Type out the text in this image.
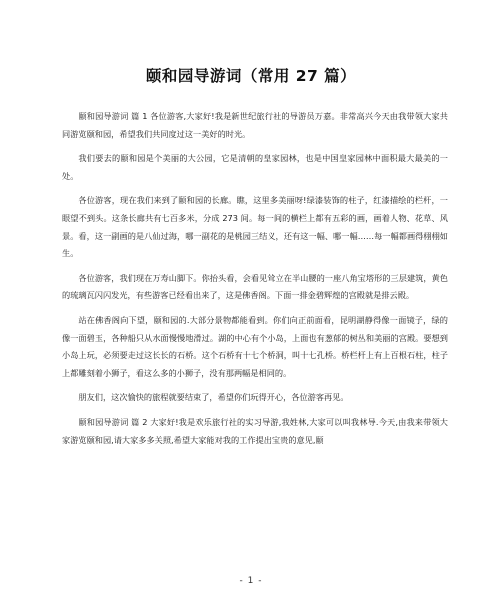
颐和园导游词（常用 27 篇）

颐和园导游词 篇 1 各位游客,大家好!我是新世纪旅行社的导游员万嘉。非常高兴今天由我带领大家共同游览颐和园，希望我们共同度过这一美好的时光。

我们要去的颐和园是个美丽的大公园，它是清朝的皇家园林，也是中国皇家园林中面积最大最美的一处。

各位游客，现在我们来到了颐和园的长廊。瞧，这里多美丽呀!绿漆装饰的柱子，红漆描绘的栏杆，一眼望不到头。这条长廊共有七百多米，分成 273 间。每一间的横栏上都有五彩的画，画着人物、花草、风景。看，这一副画的是八仙过海，哪一副花的是桃园三结义，还有这一幅、哪一幅……每一幅都画得栩栩如生。

各位游客，我们现在万寿山脚下。你抬头看，会看见耸立在半山腰的一座八角宝塔形的三层建筑，黄色的琉璃瓦闪闪发光，有些游客已经看出来了，这是佛香阁。下面一排金碧辉煌的宫殿就是排云殿。

站在佛香阁向下望，颐和园的.大部分景物都能看到。你们向正前面看，昆明湖静得像一面镜子，绿的像一面碧玉，各种船只从水面慢慢地滑过。湖的中心有个小岛，上面也有葱郁的树丛和美丽的宫殿。要想到小岛上玩，必须要走过这长长的石桥。这个石桥有十七个桥洞，叫十七孔桥。桥栏杆上有上百根石柱，柱子上都雕刻着小狮子，看这么多的小狮子，没有那两幅是相同的。

朋友们，这次愉快的旅程就要结束了，希望你们玩得开心，各位游客再见。

颐和园导游词 篇 2 大家好!我是欢乐旅行社的实习导游,我姓林,大家可以叫我林导.今天,由我来带领大家游览颐和园,请大家多多关照,希望大家能对我的工作提出宝贵的意见,颐

- 1 -
